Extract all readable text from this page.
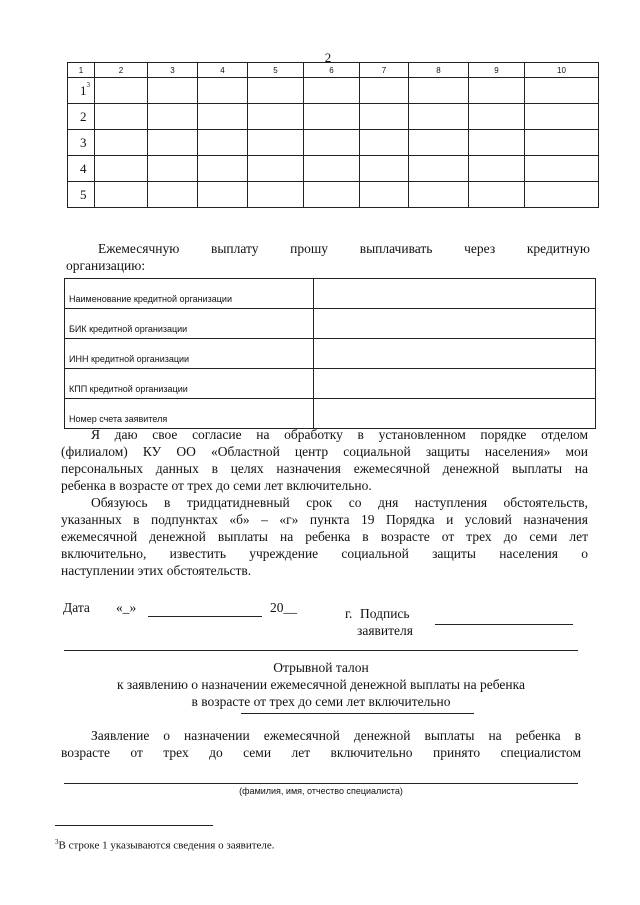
2
1	2	3	4	5	6	7	8	9	10
$1^3$									
2									
3									
4									
5									
Ежемесячную выплату прошу выплачивать через кредитную
организацию:
Наименование кредитной организации	
БИК кредитной организации	
ИНН кредитной организации	
КПП кредитной организации	
Номер счета заявителя	
Я даю свое согласие на обработку в установленном порядке отделом
(филиалом) КУ ОО «Областной центр социальной защиты населения» мои
персональных данных в целях назначения ежемесячной денежной выплаты на
ребенка в возрасте от трех до семи лет включительно.
Обязуюсь в тридцатидневный срок со дня наступления обстоятельств,
указанных в подпунктах «б» – «г» пункта 19 Порядка и условий назначения
ежемесячной денежной выплаты на ребенка в возрасте от трех до семи лет
включительно, известить учреждение социальной защиты населения о
наступлении этих обстоятельств.
Дата «_»	20__	г. Подпись
заявителя
Отрывной талон
к заявлению о назначении ежемесячной денежной выплаты на ребенка
в возрасте от трех до семи лет включительно
Заявление о назначении ежемесячной денежной выплаты на ребенка в
возрасте от трех до семи лет включительно принято специалистом
(фамилия, имя, отчество специалиста)
$^3$В строке 1 указываются сведения о заявителе.
